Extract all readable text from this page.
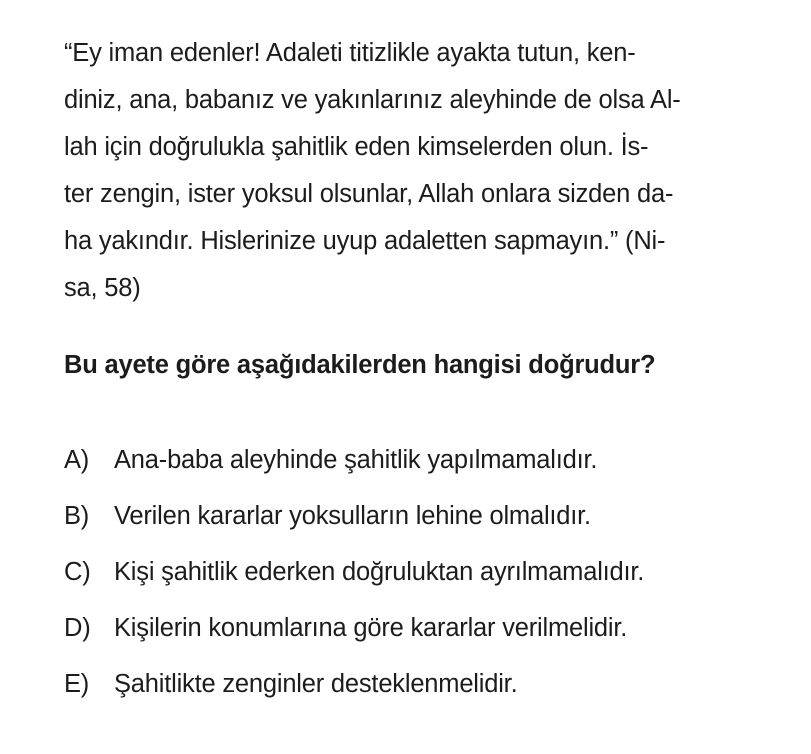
“Ey iman edenler! Adaleti titizlikle ayakta tutun, ken-
diniz, ana, babanız ve yakınlarınız aleyhinde de olsa Al-
lah için doğrulukla şahitlik eden kimselerden olun. İs-
ter zengin, ister yoksul olsunlar, Allah onlara sizden da-
ha yakındır. Hislerinize uyup adaletten sapmayın.” (Ni-
sa, 58)
Bu ayete göre aşağıdakilerden hangisi doğrudur?
A) Ana-baba aleyhinde şahitlik yapılmamalıdır.
B) Verilen kararlar yoksulların lehine olmalıdır.
C) Kişi şahitlik ederken doğruluktan ayrılmamalıdır.
D) Kişilerin konumlarına göre kararlar verilmelidir.
E) Şahitlikte zenginler desteklenmelidir.
